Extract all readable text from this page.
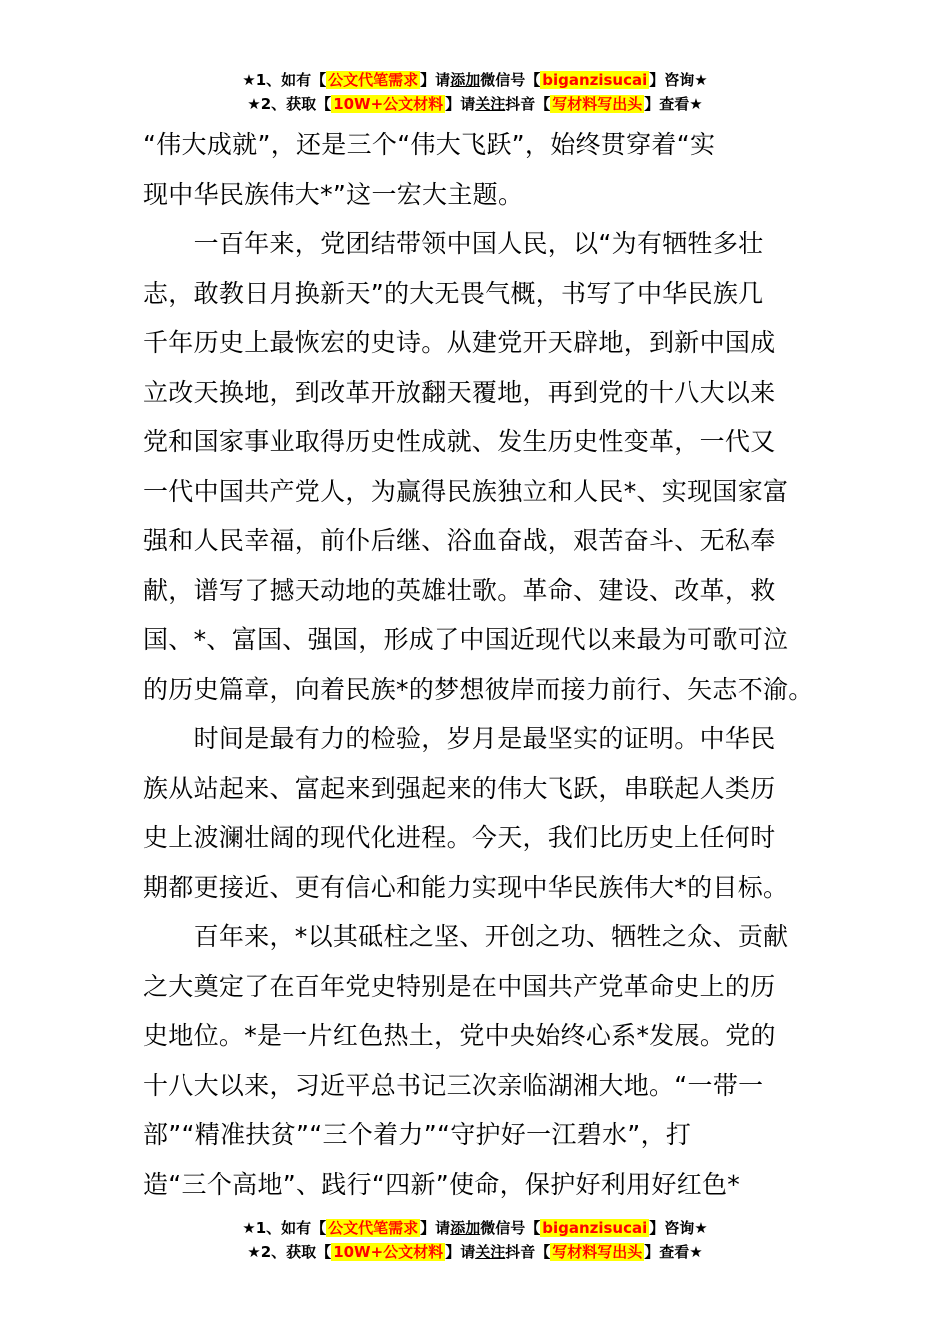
★1、如有【 公文代笔需求 】请添加微信号【 biganzisucai 】咨询★
★2、获取【 10W+公文材料 】请关注抖音【 写材料写出头 】查看★
“伟大成就”，还是三个“伟大飞跃”，始终贯穿着“实
现中华民族伟大*”这一宏大主题。
　　一百年来，党团结带领中国人民，以“为有牺牲多壮
志，敢教日月换新天”的大无畏气概，书写了中华民族几
千年历史上最恢宏的史诗。从建党开天辟地，到新中国成
立改天换地，到改革开放翻天覆地，再到党的十八大以来
党和国家事业取得历史性成就、发生历史性变革，一代又
一代中国共产党人，为赢得民族独立和人民*、实现国家富
强和人民幸福，前仆后继、浴血奋战，艰苦奋斗、无私奉
献，谱写了撼天动地的英雄壮歌。革命、建设、改革，救
国、*、富国、强国，形成了中国近现代以来最为可歌可泣
的历史篇章，向着民族*的梦想彼岸而接力前行、矢志不渝。
　　时间是最有力的检验，岁月是最坚实的证明。中华民
族从站起来、富起来到强起来的伟大飞跃，串联起人类历
史上波澜壮阔的现代化进程。今天，我们比历史上任何时
期都更接近、更有信心和能力实现中华民族伟大*的目标。
　　百年来，*以其砥柱之坚、开创之功、牺牲之众、贡献
之大奠定了在百年党史特别是在中国共产党革命史上的历
史地位。*是一片红色热土，党中央始终心系*发展。党的
十八大以来，习近平总书记三次亲临湖湘大地。“一带一
部”“精准扶贫”“三个着力”“守护好一江碧水”，打
造“三个高地”、践行“四新”使命，保护好利用好红色*
★1、如有【 公文代笔需求 】请添加微信号【 biganzisucai 】咨询★
★2、获取【 10W+公文材料 】请关注抖音【 写材料写出头 】查看★
